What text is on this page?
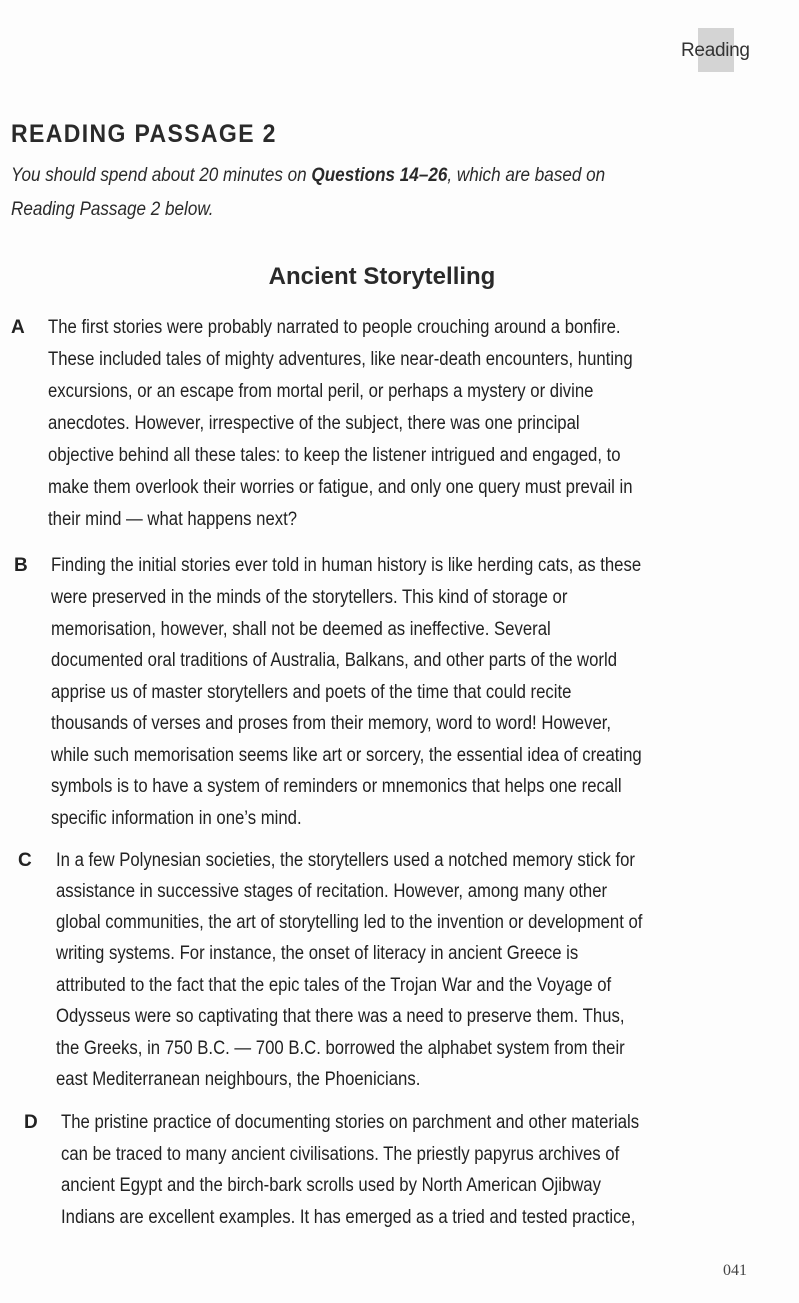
Reading
READING PASSAGE 2
You should spend about 20 minutes on Questions 14–26, which are based on
Reading Passage 2 below.
Ancient Storytelling
A The first stories were probably narrated to people crouching around a bonfire.
These included tales of mighty adventures, like near-death encounters, hunting
excursions, or an escape from mortal peril, or perhaps a mystery or divine
anecdotes. However, irrespective of the subject, there was one principal
objective behind all these tales: to keep the listener intrigued and engaged, to
make them overlook their worries or fatigue, and only one query must prevail in
their mind — what happens next?
B Finding the initial stories ever told in human history is like herding cats, as these
were preserved in the minds of the storytellers. This kind of storage or
memorisation, however, shall not be deemed as ineffective. Several
documented oral traditions of Australia, Balkans, and other parts of the world
apprise us of master storytellers and poets of the time that could recite
thousands of verses and proses from their memory, word to word! However,
while such memorisation seems like art or sorcery, the essential idea of creating
symbols is to have a system of reminders or mnemonics that helps one recall
specific information in one’s mind.
C In a few Polynesian societies, the storytellers used a notched memory stick for
assistance in successive stages of recitation. However, among many other
global communities, the art of storytelling led to the invention or development of
writing systems. For instance, the onset of literacy in ancient Greece is
attributed to the fact that the epic tales of the Trojan War and the Voyage of
Odysseus were so captivating that there was a need to preserve them. Thus,
the Greeks, in 750 B.C. — 700 B.C. borrowed the alphabet system from their
east Mediterranean neighbours, the Phoenicians.
D The pristine practice of documenting stories on parchment and other materials
can be traced to many ancient civilisations. The priestly papyrus archives of
ancient Egypt and the birch-bark scrolls used by North American Ojibway
Indians are excellent examples. It has emerged as a tried and tested practice,
041
